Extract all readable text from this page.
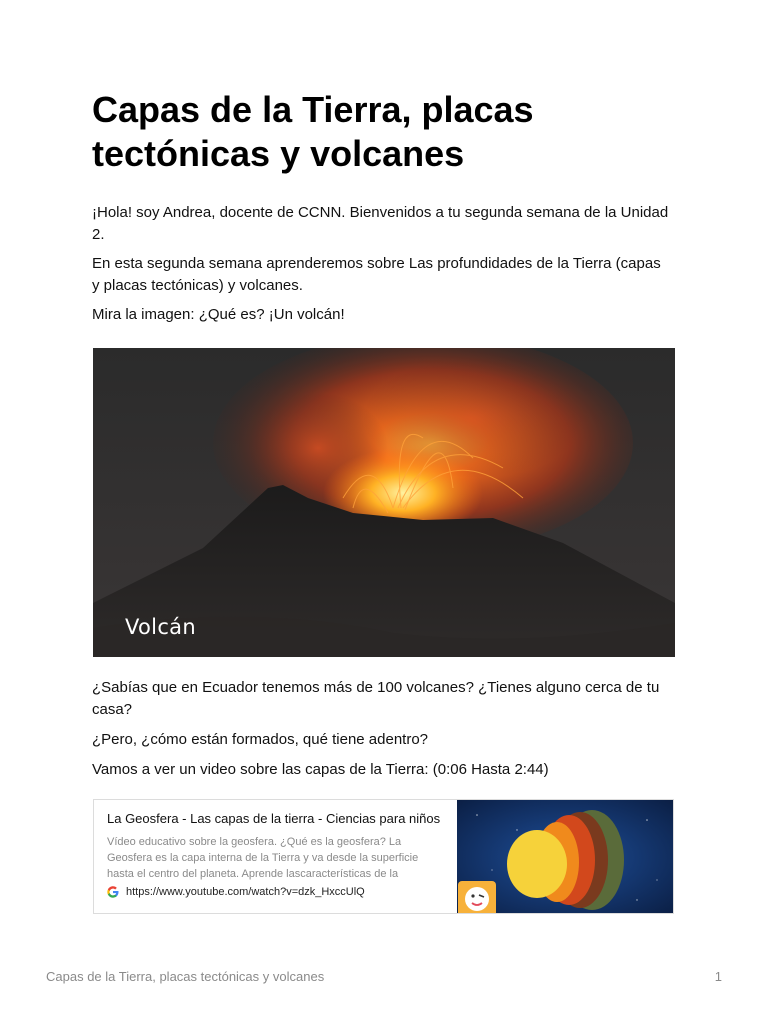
Capas de la Tierra, placas tectónicas y volcanes

¡Hola! soy Andrea, docente de CCNN. Bienvenidos a tu segunda semana de la Unidad 2.

En esta segunda semana aprenderemos sobre Las profundidades de la Tierra (capas y placas tectónicas) y volcanes.

Mira la imagen: ¿Qué es? ¡Un volcán!

Volcán

¿Sabías que en Ecuador tenemos más de 100 volcanes? ¿Tienes alguno cerca de tu casa?

¿Pero, ¿cómo están formados, qué tiene adentro?

Vamos a ver un video sobre las capas de la Tierra: (0:06 Hasta 2:44)

La Geosfera - Las capas de la tierra - Ciencias para niños
Vídeo educativo sobre la geosfera. ¿Qué es la geosfera? La Geosfera es la capa interna de la Tierra y va desde la superficie hasta el centro del planeta. Aprende lascaracterísticas de la
https://www.youtube.com/watch?v=dzk_HxccUlQ
Capas de la Tierra, placas tectónicas y volcanes	1
